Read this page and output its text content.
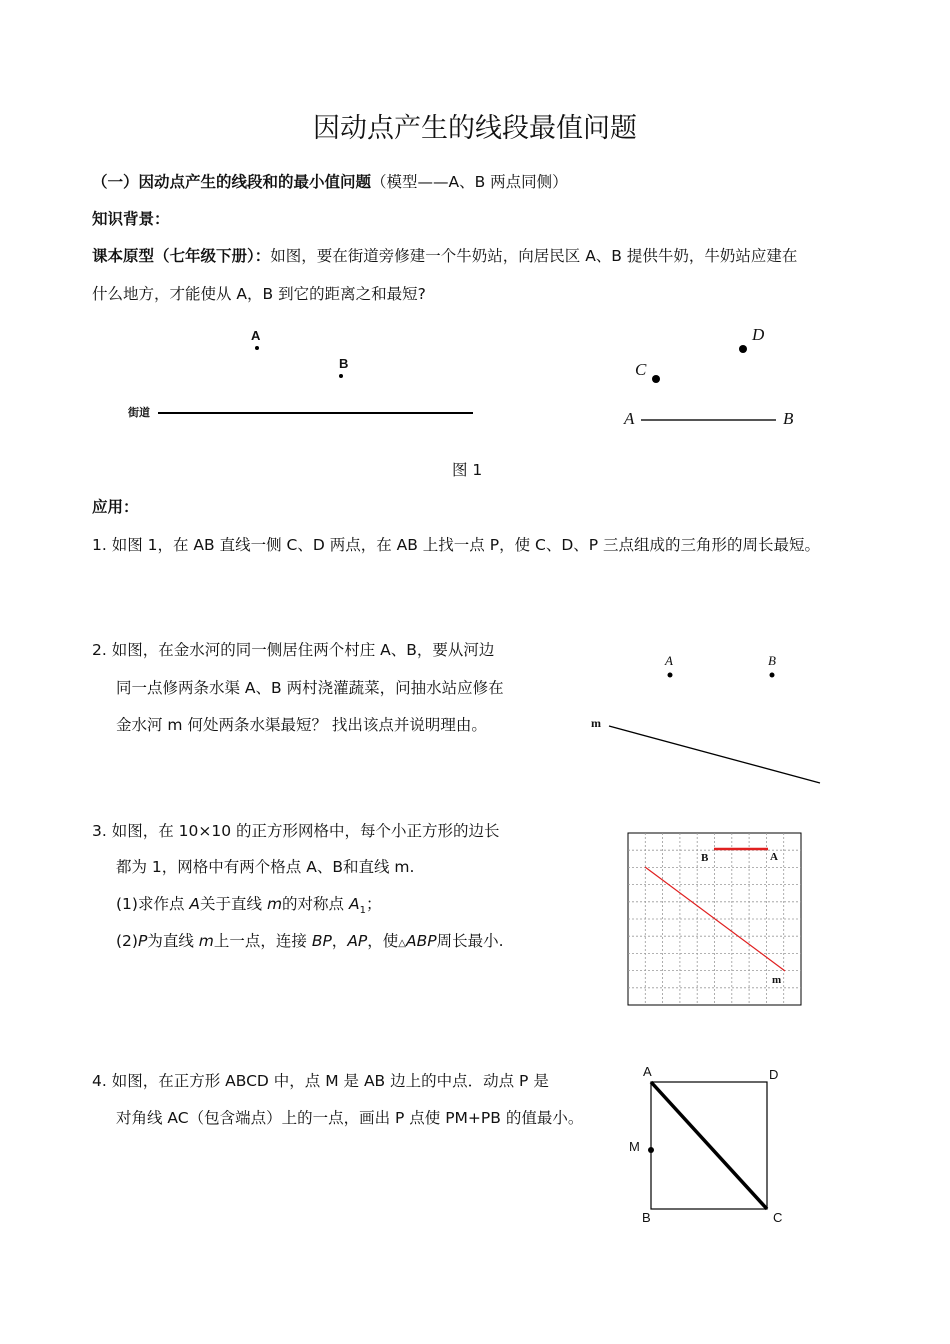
因动点产生的线段最值问题
（一）因动点产生的线段和的最小值问题（模型——A、B 两点同侧）
知识背景：
课本原型（七年级下册）：如图，要在街道旁修建一个牛奶站，向居民区 A、B 提供牛奶，牛奶站应建在
什么地方，才能使从 A，B 到它的距离之和最短?
A
B
街道
D
C
A	B
图 1
应用：
1. 如图 1，在 AB 直线一侧 C、D 两点，在 AB 上找一点 P，使 C、D、P 三点组成的三角形的周长最短。
2. 如图，在金水河的同一侧居住两个村庄 A、B，要从河边
同一点修两条水渠 A、B 两村浇灌蔬菜，问抽水站应修在
金水河 m 何处两条水渠最短？ 找出该点并说明理由。
A	B
m
3. 如图，在 10×10 的正方形网格中，每个小正方形的边长
都为 1，网格中有两个格点 A、B和直线 m.
(1)求作点 A关于直线 m的对称点 $A_1$；
(2)P为直线 m上一点，连接 BP，AP，使△ABP周长最小.
B	A
m
4. 如图，在正方形 ABCD 中，点 M 是 AB 边上的中点．动点 P 是
对角线 AC（包含端点）上的一点，画出 P 点使 PM+PB 的值最小。
A	D
M
B	C
